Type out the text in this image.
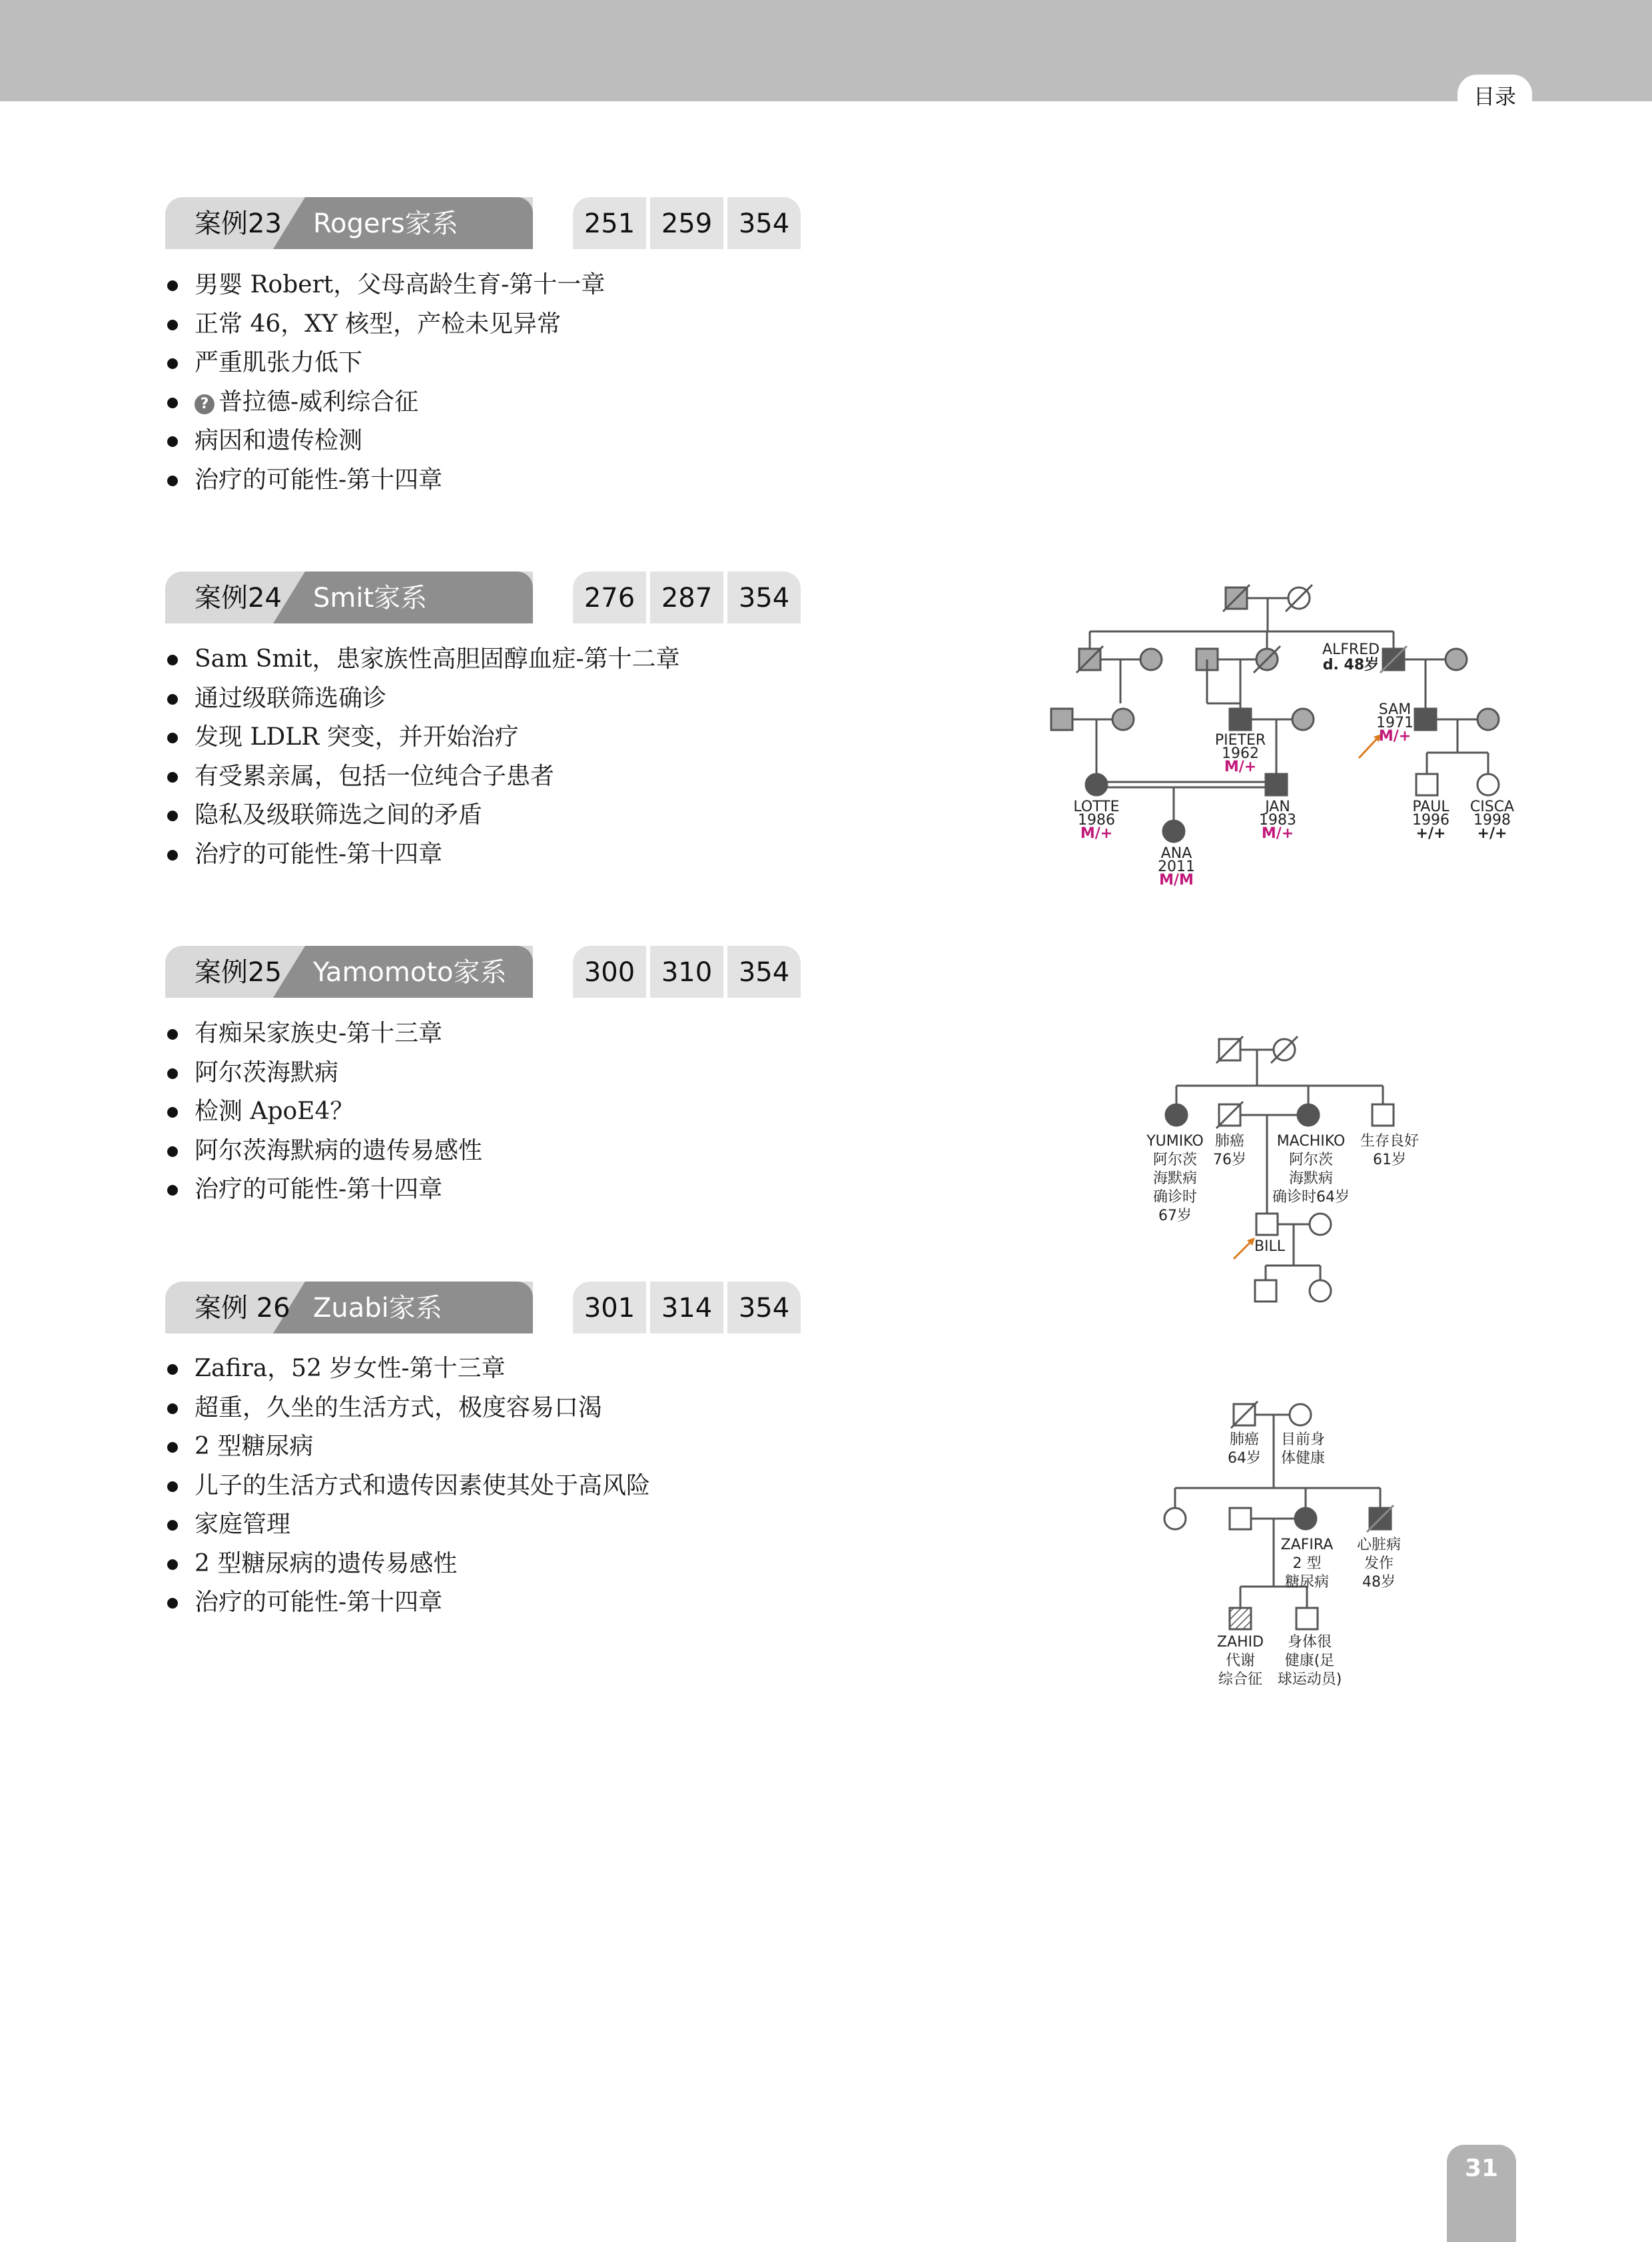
目录
案例23 Rogers家系	251 259 354
男婴 Robert，父母高龄生育-第十一章
正常 46，XY 核型，产检未见异常
严重肌张力低下
? 普拉德-威利综合征
病因和遗传检测
治疗的可能性-第十四章
案例24 Smit家系	276 287 354
Sam Smit，患家族性高胆固醇血症-第十二章
通过级联筛选确诊
发现 LDLR 突变，并开始治疗
有受累亲属，包括一位纯合子患者
隐私及级联筛选之间的矛盾
治疗的可能性-第十四章
案例25 Yamomoto家系	300 310 354
有痴呆家族史-第十三章
阿尔茨海默病
检测 ApoE4？
阿尔茨海默病的遗传易感性
治疗的可能性-第十四章
案例 26 Zuabi家系	301 314 354
Zafira，52 岁女性-第十三章
超重，久坐的生活方式，极度容易口渴
2 型糖尿病
儿子的生活方式和遗传因素使其处于高风险
家庭管理
2 型糖尿病的遗传易感性
治疗的可能性-第十四章
ALFRED
d. 48岁
SAM
1971
M/+
PIETER
1962
M/+
LOTTE
1986
M/+
JAN
1983
M/+
PAUL
1996
+/+
CISCA
1998
+/+
ANA
2011
M/M
YUMIKO
阿尔茨
海默病
确诊时
67岁
肺癌
76岁
MACHIKO
阿尔茨
海默病
确诊时64岁
生存良好
61岁
BILL
肺癌
64岁
目前身
体健康
ZAFIRA
2 型
糖尿病
心脏病
发作
48岁
ZAHID
代谢
综合征
身体很
健康(足
球运动员)
31
